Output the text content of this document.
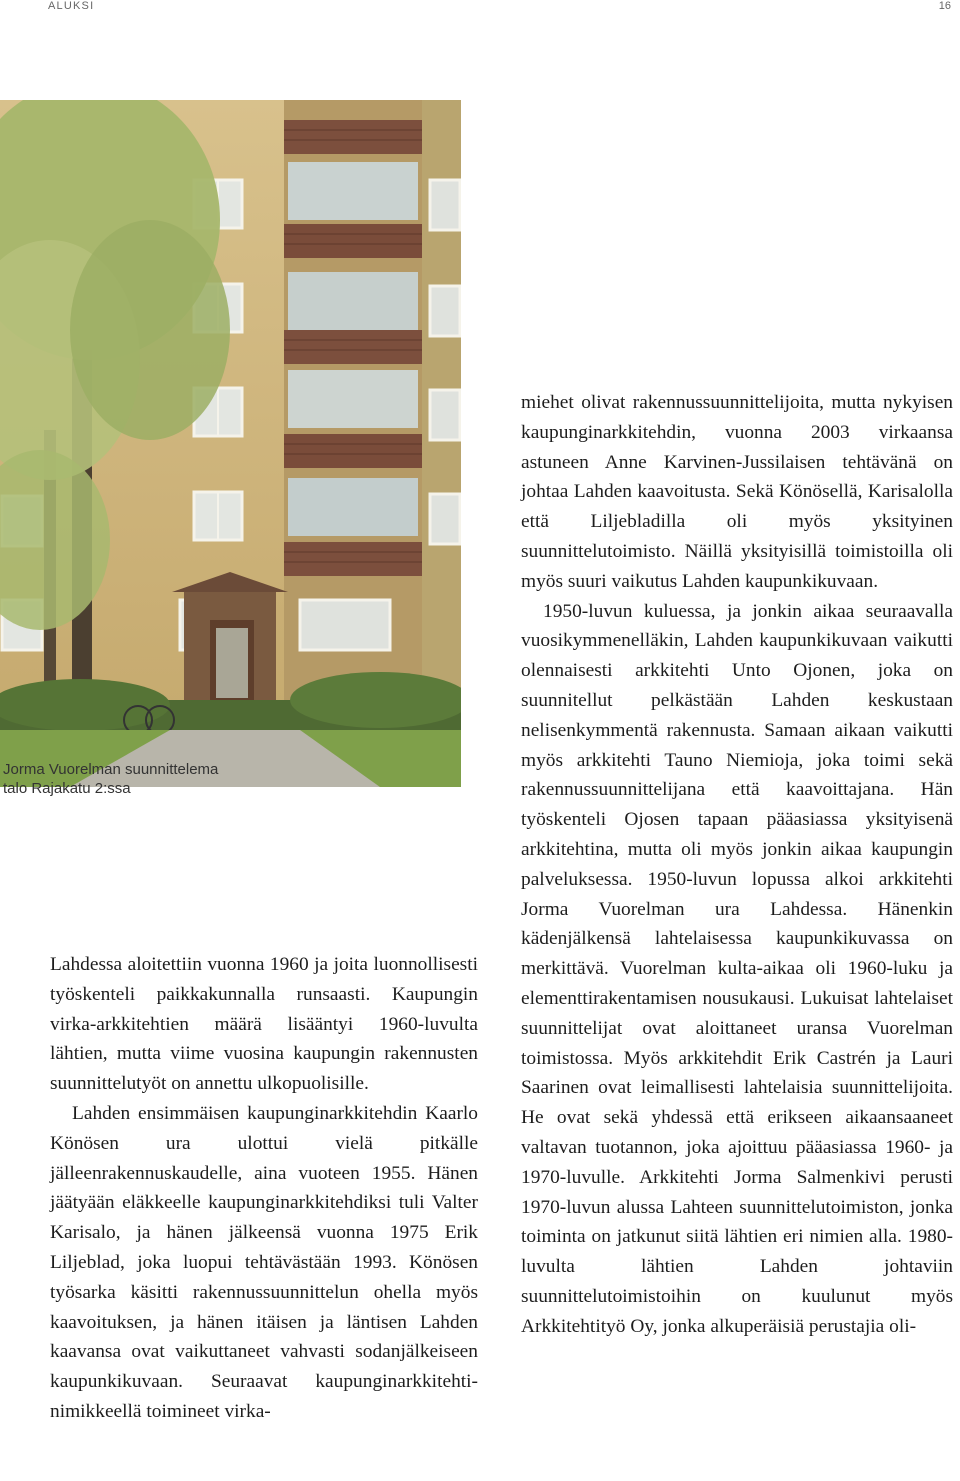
ALUKSI	16
Jorma Vuorelman suunnittelema
talo Rajakatu 2:ssa

Lahdessa aloitettiin vuonna 1960 ja joita luonnollisesti työskenteli paikkakunnalla runsaasti. Kaupungin virka-arkkitehtien määrä lisääntyi 1960-luvulta lähtien, mutta viime vuosina kaupungin rakennusten suunnittelutyöt on annettu ulkopuolisille.

Lahden ensimmäisen kaupunginarkkitehdin Kaarlo Könösen ura ulottui vielä pitkälle jälleenrakennuskaudelle, aina vuoteen 1955. Hänen jäätyään eläkkeelle kaupunginarkkitehdiksi tuli Valter Karisalo, ja hänen jälkeensä vuonna 1975 Erik Liljeblad, joka luopui tehtävästään 1993. Könösen työsarka käsitti rakennussuunnittelun ohella myös kaavoituksen, ja hänen itäisen ja läntisen Lahden kaavansa ovat vaikuttaneet vahvasti sodanjälkeiseen kaupunkikuvaan. Seuraavat kaupunginarkkitehti-nimikkeellä toimineet virka-

miehet olivat rakennussuunnittelijoita, mutta nykyisen kaupunginarkkitehdin, vuonna 2003 virkaansa astuneen Anne Karvinen-Jussilaisen tehtävänä on johtaa Lahden kaavoitusta. Sekä Könösellä, Karisalolla että Liljebladilla oli myös yksityinen suunnittelutoimisto. Näillä yksityisillä toimistoilla oli myös suuri vaikutus Lahden kaupunkikuvaan.

1950-luvun kuluessa, ja jonkin aikaa seuraavalla vuosikymmenelläkin, Lahden kaupunkikuvaan vaikutti olennaisesti arkkitehti Unto Ojonen, joka on suunnitellut pelkästään Lahden keskustaan nelisenkymmentä rakennusta. Samaan aikaan vaikutti myös arkkitehti Tauno Niemioja, joka toimi sekä rakennussuunnittelijana että kaavoittajana. Hän työskenteli Ojosen tapaan pääasiassa yksityisenä arkkitehtina, mutta oli myös jonkin aikaa kaupungin palveluksessa. 1950-luvun lopussa alkoi arkkitehti Jorma Vuorelman ura Lahdessa. Hänenkin kädenjälkensä lahtelaisessa kaupunkikuvassa on merkittävä. Vuorelman kulta-aikaa oli 1960-luku ja elementtirakentamisen nousukausi. Lukuisat lahtelaiset suunnittelijat ovat aloittaneet uransa Vuorelman toimistossa. Myös arkkitehdit Erik Castrén ja Lauri Saarinen ovat leimallisesti lahtelaisia suunnittelijoita. He ovat sekä yhdessä että erikseen aikaansaaneet valtavan tuotannon, joka ajoittuu pääasiassa 1960- ja 1970-luvulle. Arkkitehti Jorma Salmenkivi perusti 1970-luvun alussa Lahteen suunnittelutoimiston, jonka toiminta on jatkunut siitä lähtien eri nimien alla. 1980-luvulta lähtien Lahden johtaviin suunnittelutoimistoihin on kuulunut myös Arkkitehtityö Oy, jonka alkuperäisiä perustajia oli-
